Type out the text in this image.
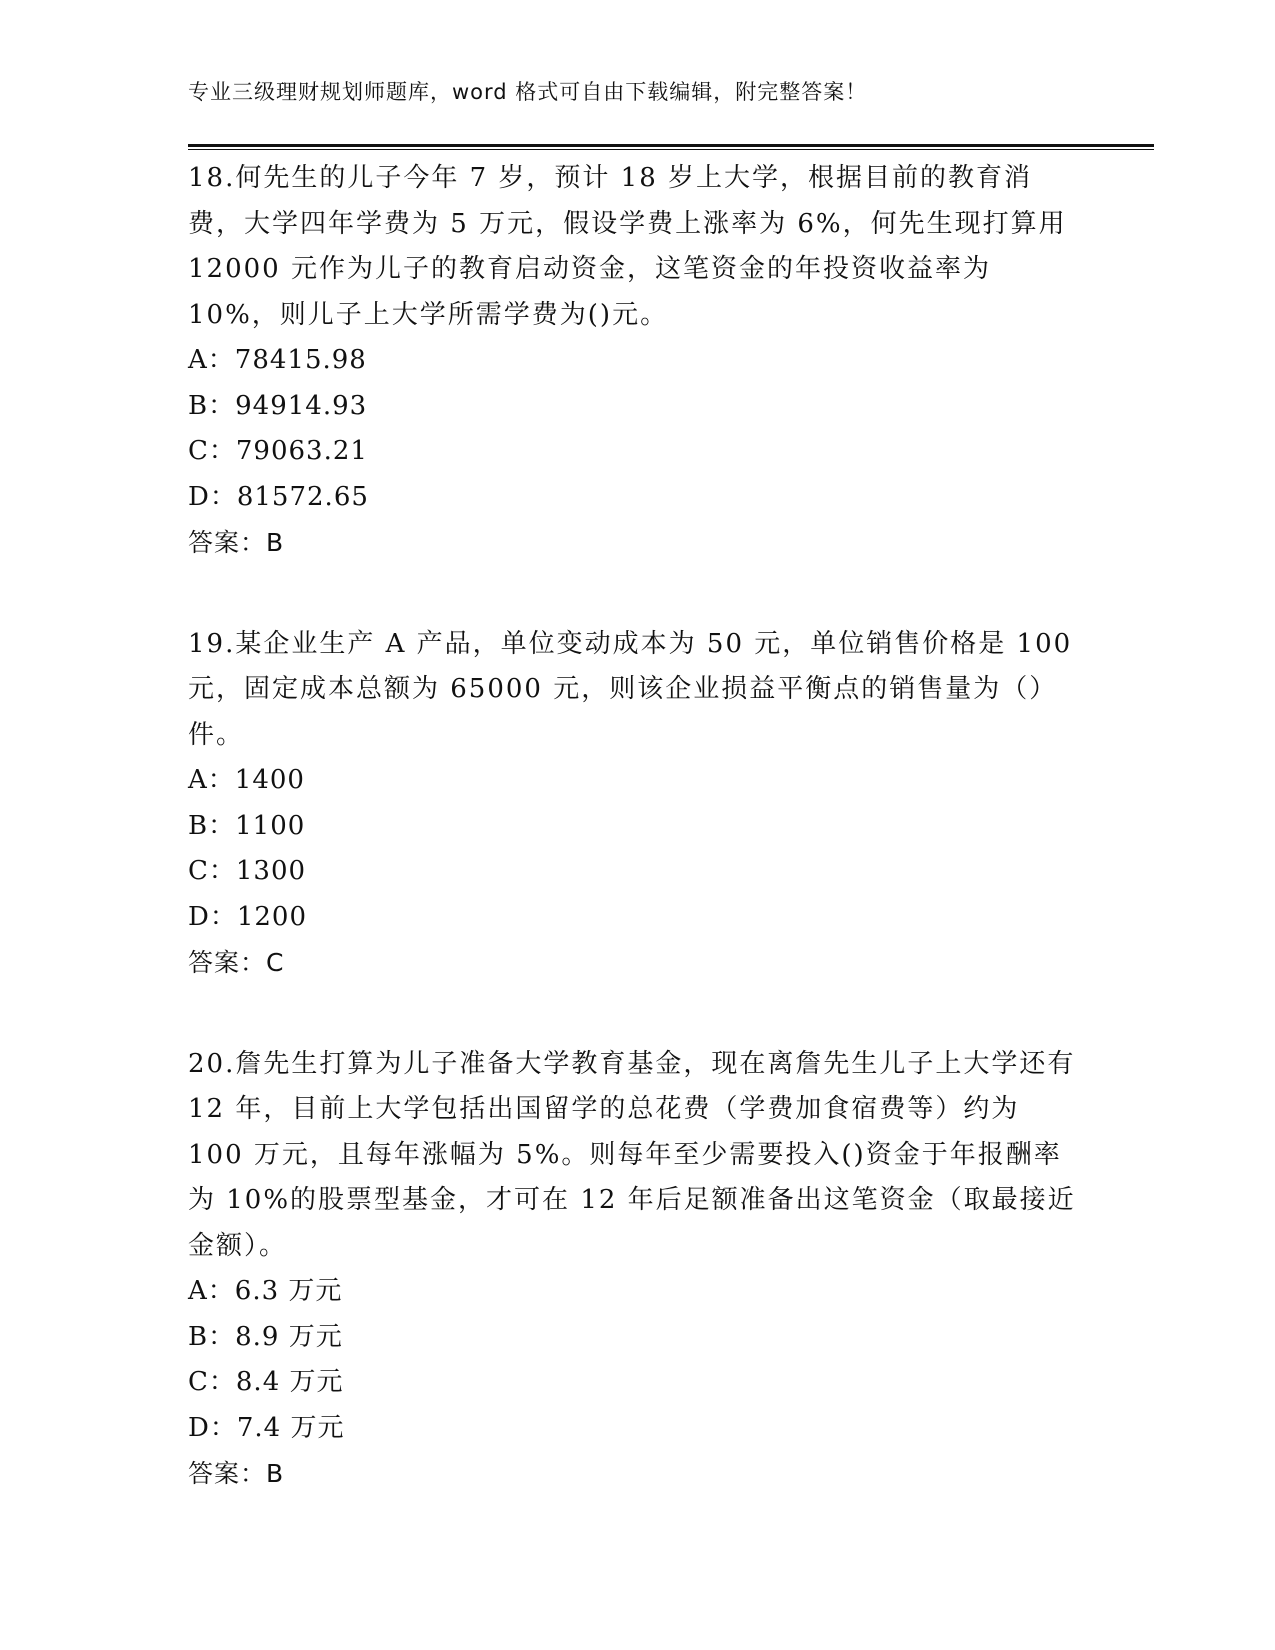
专业三级理财规划师题库，word 格式可自由下载编辑，附完整答案！

18.何先生的儿子今年 7 岁，预计 18 岁上大学，根据目前的教育消费，大学四年学费为 5 万元，假设学费上涨率为 6%，何先生现打算用 12000 元作为儿子的教育启动资金，这笔资金的年投资收益率为 10%，则儿子上大学所需学费为()元。

A：78415.98
B：94914.93
C：79063.21
D：81572.65
答案：B

19.某企业生产 A 产品，单位变动成本为 50 元，单位销售价格是 100 元，固定成本总额为 65000 元，则该企业损益平衡点的销售量为（）件。

A：1400
B：1100
C：1300
D：1200
答案：C

20.詹先生打算为儿子准备大学教育基金，现在离詹先生儿子上大学还有 12 年，目前上大学包括出国留学的总花费（学费加食宿费等）约为 100 万元，且每年涨幅为 5%。则每年至少需要投入()资金于年报酬率为 10%的股票型基金，才可在 12 年后足额准备出这笔资金（取最接近金额）。

A：6.3 万元
B：8.9 万元
C：8.4 万元
D：7.4 万元
答案：B
